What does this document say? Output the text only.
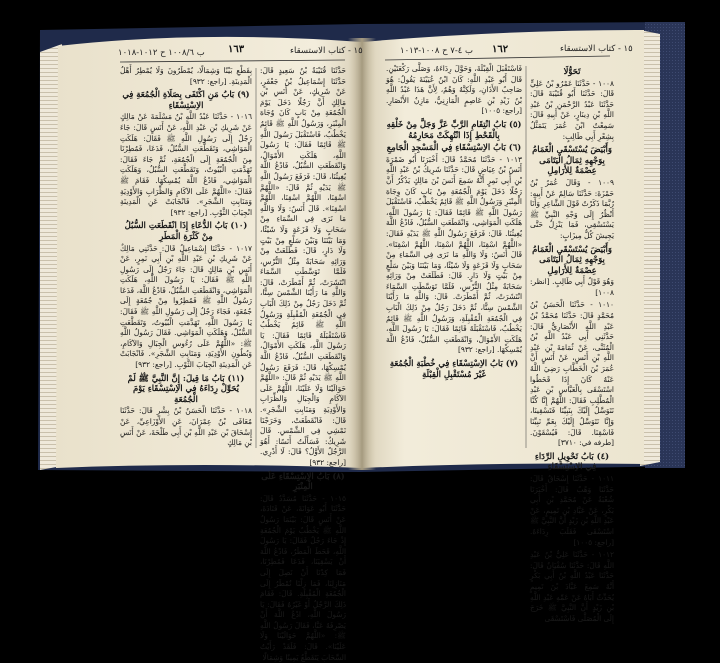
١٦٣	١٥ - كتاب الاستسقاء
ب ١٠٠٨/٦ ح ١٠١٢-١٠١٨	١٦٢	١٥ - كتاب الاستسقاء
ب ٤-٧ ح ١٠٠٨-١٠١٣

بِقَطْعِ بَيْنًا وَشِمَالًا، يُمْطَرُونَ وَلَا يُمْطِرُ أَهْلُ الْمَدِينَةِ. [راجع: ٩٣٢]

(٩) بَابُ مَنِ اكْتَفَى بِصَلَاةِ الْجُمُعَةِ فِي الاِسْتِسْقَاءِ

١٠١٦ - حَدَّثَنَا عَبْدُ اللَّهِ بْنُ مَسْلَمَةَ عَنْ مَالِكٍ عَنْ شَرِيكِ بْنِ عَبْدِ اللَّهِ، عَنْ أَنَسٍ قَالَ: جَاءَ رَجُلٌ إِلَى رَسُولِ اللَّهِ ﷺ فَقَالَ: هَلَكَتِ الْمَوَاشِي، وَتَقَطَّعَتِ السُّبُلُ، فَدَعَا، فَمُطِرْنَا مِنَ الْجُمُعَةِ إِلَى الْجُمُعَةِ، ثُمَّ جَاءَ فَقَالَ: تَهَدَّمَتِ الْبُيُوتُ، وَتَقَطَّعَتِ السُّبُلُ، وَهَلَكَتِ الْمَوَاشِي، فَادْعُ اللَّهَ يُمْسِكْهَا. فَقَامَ ﷺ فَقَالَ: «اللَّهُمَّ عَلَى الآكَامِ وَالظِّرَابِ وَالأَوْدِيَةِ وَمَنَابِتِ الشَّجَرِ». فَانْجَابَتْ عَنِ الْمَدِينَةِ انْجِيَابَ الثَّوْبِ. [راجع: ٩٣٢]

(١٠) بَابُ الدُّعَاءِ إِذَا انْقَطَعَتِ السُّبُلُ مِنْ كَثْرَةِ الْمَطَرِ

١٠١٧ - حَدَّثَنَا إِسْمَاعِيلُ قَالَ: حَدَّثَنِي مَالِكٌ عَنْ شَرِيكِ بْنِ عَبْدِ اللَّهِ بْنِ أَبِي نَمِرٍ، عَنْ أَنَسِ بْنِ مَالِكٍ قَالَ: جَاءَ رَجُلٌ إِلَى رَسُولِ اللَّهِ ﷺ فَقَالَ: يَا رَسُولَ اللَّهِ، هَلَكَتِ الْمَوَاشِي، وَانْقَطَعَتِ السُّبُلُ، فَادْعُ اللَّهَ، فَدَعَا رَسُولُ اللَّهِ ﷺ فَمُطِرُوا مِنْ جُمُعَةٍ إِلَى جُمُعَةٍ، فَجَاءَ رَجُلٌ إِلَى رَسُولِ اللَّهِ ﷺ فَقَالَ: يَا رَسُولَ اللَّهِ، تَهَدَّمَتِ الْبُيُوتُ، وَتَقَطَّعَتِ السُّبُلُ، وَهَلَكَتِ الْمَوَاشِي. فَقَالَ رَسُولُ اللَّهِ ﷺ: «اللَّهُمَّ عَلَى رُءُوسِ الْجِبَالِ وَالآكَامِ، وَبُطُونِ الأَوْدِيَةِ، وَمَنَابِتِ الشَّجَرِ». فَانْجَابَتْ عَنِ الْمَدِينَةِ انْجِيَابَ الثَّوْبِ. [راجع: ٩٣٢]

(١١) بَابُ مَا قِيلَ: إِنَّ النَّبِيَّ ﷺ لَمْ يُحَوِّلْ رِدَاءَهُ فِي الاِسْتِسْقَاءِ يَوْمَ الْجُمُعَةِ

١٠١٨ - حَدَّثَنَا الْحَسَنُ بْنُ بِشْرٍ قَالَ: حَدَّثَنَا مُعَافَى بْنُ عِمْرَانَ، عَنِ الأَوْزَاعِيِّ، عَنْ إِسْحَاقَ بْنِ عَبْدِ اللَّهِ بْنِ أَبِي طَلْحَةَ، عَنْ أَنَسِ بْنِ مَالِكٍ

حَدَّثَنَا قُتَيْبَةُ بْنُ سَعِيدٍ قَالَ: حَدَّثَنَا إِسْمَاعِيلُ بْنُ جَعْفَرٍ، عَنْ شَرِيكٍ، عَنْ أَنَسِ بْنِ مَالِكٍ أَنَّ رَجُلًا دَخَلَ يَوْمَ الْجُمُعَةِ مِنْ بَابٍ كَانَ وُجَاهَ الْمِنْبَرِ، وَرَسُولُ اللَّهِ ﷺ قَائِمٌ يَخْطُبُ، فَاسْتَقْبَلَ رَسُولَ اللَّهِ ﷺ قَائِمًا فَقَالَ: يَا رَسُولَ اللَّهِ، هَلَكَتِ الأَمْوَالُ، وَانْقَطَعَتِ السُّبُلُ، فَادْعُ اللَّهَ يُغِيثُنَا، قَالَ: فَرَفَعَ رَسُولُ اللَّهِ ﷺ يَدَيْهِ ثُمَّ قَالَ: «اللَّهُمَّ اسْقِنَا، اللَّهُمَّ اسْقِنَا، اللَّهُمَّ اسْقِنَا». قَالَ أَنَسٌ: وَلَا وَاللَّهِ مَا نَرَى فِي السَّمَاءِ مِنْ سَحَابٍ وَلَا قَزَعَةٍ وَلَا شَيْئًا، وَمَا بَيْنَنَا وَبَيْنَ سَلْعٍ مِنْ بَيْتٍ وَلَا دَارٍ، قَالَ: فَطَلَعَتْ مِنْ وَرَائِهِ سَحَابَةٌ مِثْلُ التُّرْسِ، فَلَمَّا تَوَسَّطَتِ السَّمَاءَ انْتَشَرَتْ، ثُمَّ أَمْطَرَتْ، قَالَ: وَاللَّهِ مَا رَأَيْنَا الشَّمْسَ سِتًّا، ثُمَّ دَخَلَ رَجُلٌ مِنْ ذَلِكَ الْبَابِ فِي الْجُمُعَةِ الْمُقْبِلَةِ وَرَسُولُ اللَّهِ ﷺ قَائِمٌ يَخْطُبُ فَاسْتَقْبَلَهُ قَائِمًا فَقَالَ: يَا رَسُولَ اللَّهِ، هَلَكَتِ الأَمْوَالُ، وَانْقَطَعَتِ السُّبُلُ، فَادْعُ اللَّهَ يُمْسِكْهَا، قَالَ: فَرَفَعَ رَسُولُ اللَّهِ ﷺ يَدَيْهِ ثُمَّ قَالَ: «اللَّهُمَّ حَوَالَيْنَا وَلَا عَلَيْنَا، اللَّهُمَّ عَلَى الآكَامِ وَالْجِبَالِ وَالظِّرَابِ وَالأَوْدِيَةِ وَمَنَابِتِ الشَّجَرِ». قَالَ: فَانْقَطَعَتْ، وَخَرَجْنَا نَمْشِي فِي الشَّمْسِ. قَالَ شَرِيكٌ: فَسَأَلْتُ أَنَسًا: أَهُوَ الرَّجُلُ الأَوَّلُ؟ قَالَ: لَا أَدْرِي. [راجع: ٩٣٢]

(٨) بَابُ الاِسْتِسْقَاءِ عَلَى الْمِنْبَرِ

١٠١٥ - حَدَّثَنَا مُسَدَّدٌ قَالَ: حَدَّثَنَا أَبُو عَوَانَةَ، عَنْ قَتَادَةَ، عَنْ أَنَسٍ قَالَ: بَيْنَمَا رَسُولُ اللَّهِ ﷺ يَخْطُبُ يَوْمَ الْجُمُعَةِ إِذْ جَاءَ رَجُلٌ فَقَالَ: يَا رَسُولَ اللَّهِ، قَحَطَ الْمَطَرُ، فَادْعُ اللَّهَ أَنْ يَسْقِيَنَا، فَدَعَا فَمُطِرْنَا، فَمَا كِدْنَا أَنْ نَصِلَ إِلَى مَنَازِلِنَا، فَمَا زِلْنَا نُمْطَرُ إِلَى الْجُمُعَةِ الْمُقْبِلَةِ. قَالَ: فَقَامَ ذَلِكَ الرَّجُلُ أَوْ غَيْرُهُ فَقَالَ: يَا رَسُولَ اللَّهِ، ادْعُ اللَّهَ أَنْ يَصْرِفَهُ عَنَّا، فَقَالَ رَسُولُ اللَّهِ ﷺ: «اللَّهُمَّ حَوَالَيْنَا وَلَا عَلَيْنَا». قَالَ: فَلَقَدْ رَأَيْتُ السَّحَابَ يَتَقَطَّعُ يَمِينًا وَشِمَالًا

فَاسْتَقْبَلَ الْقِبْلَةَ، وَحَوَّلَ رِدَاءَهُ، وَصَلَّى رَكْعَتَيْنِ. قَالَ أَبُو عَبْدِ اللَّهِ: كَانَ ابْنُ عُيَيْنَةَ يَقُولُ: هُوَ صَاحِبُ الأَذَانِ، وَلَكِنَّهُ وَهْمٌ، لِأَنَّ هَذَا عَبْدُ اللَّهِ بْنُ زَيْدِ بْنِ عَاصِمٍ الْمَازِنِيُّ، مَازِنُ الأَنْصَارِ. [راجع: ١٠٠٥]

(٥) بَابُ انْتِقَامِ الرَّبِّ عَزَّ وَجَلَّ مِنْ خَلْقِهِ بِالْقَحْطِ إِذَا انْتُهِكَتْ مَحَارِمُهُ

(٦) بَابُ الاِسْتِسْقَاءِ فِي الْمَسْجِدِ الْجَامِعِ

١٠١٣ - حَدَّثَنَا مُحَمَّدٌ قَالَ: أَخْبَرَنَا أَبُو ضَمْرَةَ أَنَسُ بْنُ عِيَاضٍ قَالَ: حَدَّثَنَا شَرِيكُ بْنُ عَبْدِ اللَّهِ بْنِ أَبِي نَمِرٍ أَنَّهُ سَمِعَ أَنَسَ بْنَ مَالِكٍ يَذْكُرُ أَنَّ رَجُلًا دَخَلَ يَوْمَ الْجُمُعَةِ مِنْ بَابٍ كَانَ وِجَاهَ الْمِنْبَرِ وَرَسُولُ اللَّهِ ﷺ قَائِمٌ يَخْطُبُ، فَاسْتَقْبَلَ رَسُولَ اللَّهِ ﷺ قَائِمًا فَقَالَ: يَا رَسُولَ اللَّهِ، هَلَكَتِ الْمَوَاشِي، وَانْقَطَعَتِ السُّبُلُ، فَادْعُ اللَّهَ يُغِيثُنَا. قَالَ: فَرَفَعَ رَسُولُ اللَّهِ ﷺ يَدَيْهِ فَقَالَ: «اللَّهُمَّ اسْقِنَا، اللَّهُمَّ اسْقِنَا، اللَّهُمَّ اسْقِنَا». قَالَ أَنَسٌ: وَلَا وَاللَّهِ مَا نَرَى فِي السَّمَاءِ مِنْ سَحَابٍ وَلَا قَزَعَةٍ وَلَا شَيْئًا، وَمَا بَيْنَنَا وَبَيْنَ سَلْعٍ مِنْ بَيْتٍ وَلَا دَارٍ. قَالَ: فَطَلَعَتْ مِنْ وَرَائِهِ سَحَابَةٌ مِثْلُ التُّرْسِ، فَلَمَّا تَوَسَّطَتِ السَّمَاءَ انْتَشَرَتْ، ثُمَّ أَمْطَرَتْ. قَالَ: وَاللَّهِ مَا رَأَيْنَا الشَّمْسَ سِتًّا، ثُمَّ دَخَلَ رَجُلٌ مِنْ ذَلِكَ الْبَابِ فِي الْجُمُعَةِ الْمُقْبِلَةِ، وَرَسُولُ اللَّهِ ﷺ قَائِمٌ يَخْطُبُ، فَاسْتَقْبَلَهُ قَائِمًا فَقَالَ: يَا رَسُولَ اللَّهِ، هَلَكَتِ الأَمْوَالُ، وَانْقَطَعَتِ السُّبُلُ، فَادْعُ اللَّهَ يُمْسِكْهَا. [راجع: ٩٣٢]

(٧) بَابُ الاِسْتِسْقَاءِ فِي خُطْبَةِ الْجُمُعَةِ غَيْرَ مُسْتَقْبِلِ الْقِبْلَةِ

تَحَوُّلَا

١٠٠٨ - حَدَّثَنَا عَمْرُو بْنُ عَلِيٍّ قَالَ: حَدَّثَنَا أَبُو قُتَيْبَةَ قَالَ: حَدَّثَنَا عَبْدُ الرَّحْمَنِ بْنُ عَبْدِ اللَّهِ بْنِ دِينَارٍ، عَنْ أَبِيهِ قَالَ: سَمِعْتُ ابْنَ عُمَرَ يَتَمَثَّلُ بِشِعْرِ أَبِي طَالِبٍ:

وَأَبْيَضَ يُسْتَسْقَى الْغَمَامُ بِوَجْهِهِ ثِمَالُ الْيَتَامَى عِصْمَةٌ لِلأَرَامِلِ

١٠٠٩ - وَقَالَ عُمَرُ بْنُ حَمْزَةَ: حَدَّثَنَا سَالِمٌ عَنْ أَبِيهِ: رُبَّمَا ذَكَرْتُ قَوْلَ الشَّاعِرِ وَأَنَا أَنْظُرُ إِلَى وَجْهِ النَّبِيِّ ﷺ يَسْتَسْقِي، فَمَا يَنْزِلُ حَتَّى يَجِيشَ كُلُّ مِيزَابٍ:

وَأَبْيَضَ يُسْتَسْقَى الْغَمَامُ بِوَجْهِهِ ثِمَالُ الْيَتَامَى عِصْمَةٌ لِلأَرَامِلِ

وَهُوَ قَوْلُ أَبِي طَالِبٍ. [انظر: ١٠٠٨]

١٠١٠ - حَدَّثَنَا الْحَسَنُ بْنُ مُحَمَّدٍ قَالَ: حَدَّثَنَا مُحَمَّدُ بْنُ عَبْدِ اللَّهِ الأَنْصَارِيُّ قَالَ: حَدَّثَنِي أَبِي عَبْدُ اللَّهِ بْنُ الْمُثَنَّى، عَنْ ثُمَامَةَ بْنِ عَبْدِ اللَّهِ بْنِ أَنَسٍ، عَنْ أَنَسٍ أَنَّ عُمَرَ بْنَ الْخَطَّابِ رَضِيَ اللَّهُ عَنْهُ كَانَ إِذَا قَحَطُوا اسْتَسْقَى بِالْعَبَّاسِ بْنِ عَبْدِ الْمُطَّلِبِ فَقَالَ: اللَّهُمَّ إِنَّا كُنَّا نَتَوَسَّلُ إِلَيْكَ بِنَبِيِّنَا فَتَسْقِينَا، وَإِنَّا نَتَوَسَّلُ إِلَيْكَ بِعَمِّ نَبِيِّنَا فَاسْقِنَا. قَالَ: فَيُسْقَوْنَ. [طرفه في: ٣٧١٠]

(٤) بَابُ تَحْوِيلِ الرِّدَاءِ فِي الاِسْتِسْقَاءِ

١٠١١ - حَدَّثَنَا إِسْحَاقُ قَالَ: حَدَّثَنَا وَهْبٌ قَالَ: أَخْبَرَنَا شُعْبَةُ عَنْ مُحَمَّدِ بْنِ أَبِي بَكْرٍ، عَنْ عَبَّادِ بْنِ تَمِيمٍ، عَنْ عَبْدِ اللَّهِ بْنِ زَيْدٍ أَنَّ النَّبِيَّ ﷺ اسْتَسْقَى فَقَلَبَ رِدَاءَهُ. [راجع: ١٠٠٥]

١٠١٢ - حَدَّثَنَا عَلِيُّ بْنُ عَبْدِ اللَّهِ قَالَ: حَدَّثَنَا سُفْيَانُ قَالَ: حَدَّثَنَا عَبْدُ اللَّهِ بْنُ أَبِي بَكْرٍ أَنَّهُ سَمِعَ عَبَّادَ بْنَ تَمِيمٍ يُحَدِّثُ أَبَاهُ عَنْ عَمِّهِ عَبْدِ اللَّهِ بْنِ زَيْدٍ أَنَّ النَّبِيَّ ﷺ خَرَجَ إِلَى الْمُصَلَّى فَاسْتَسْقَى
